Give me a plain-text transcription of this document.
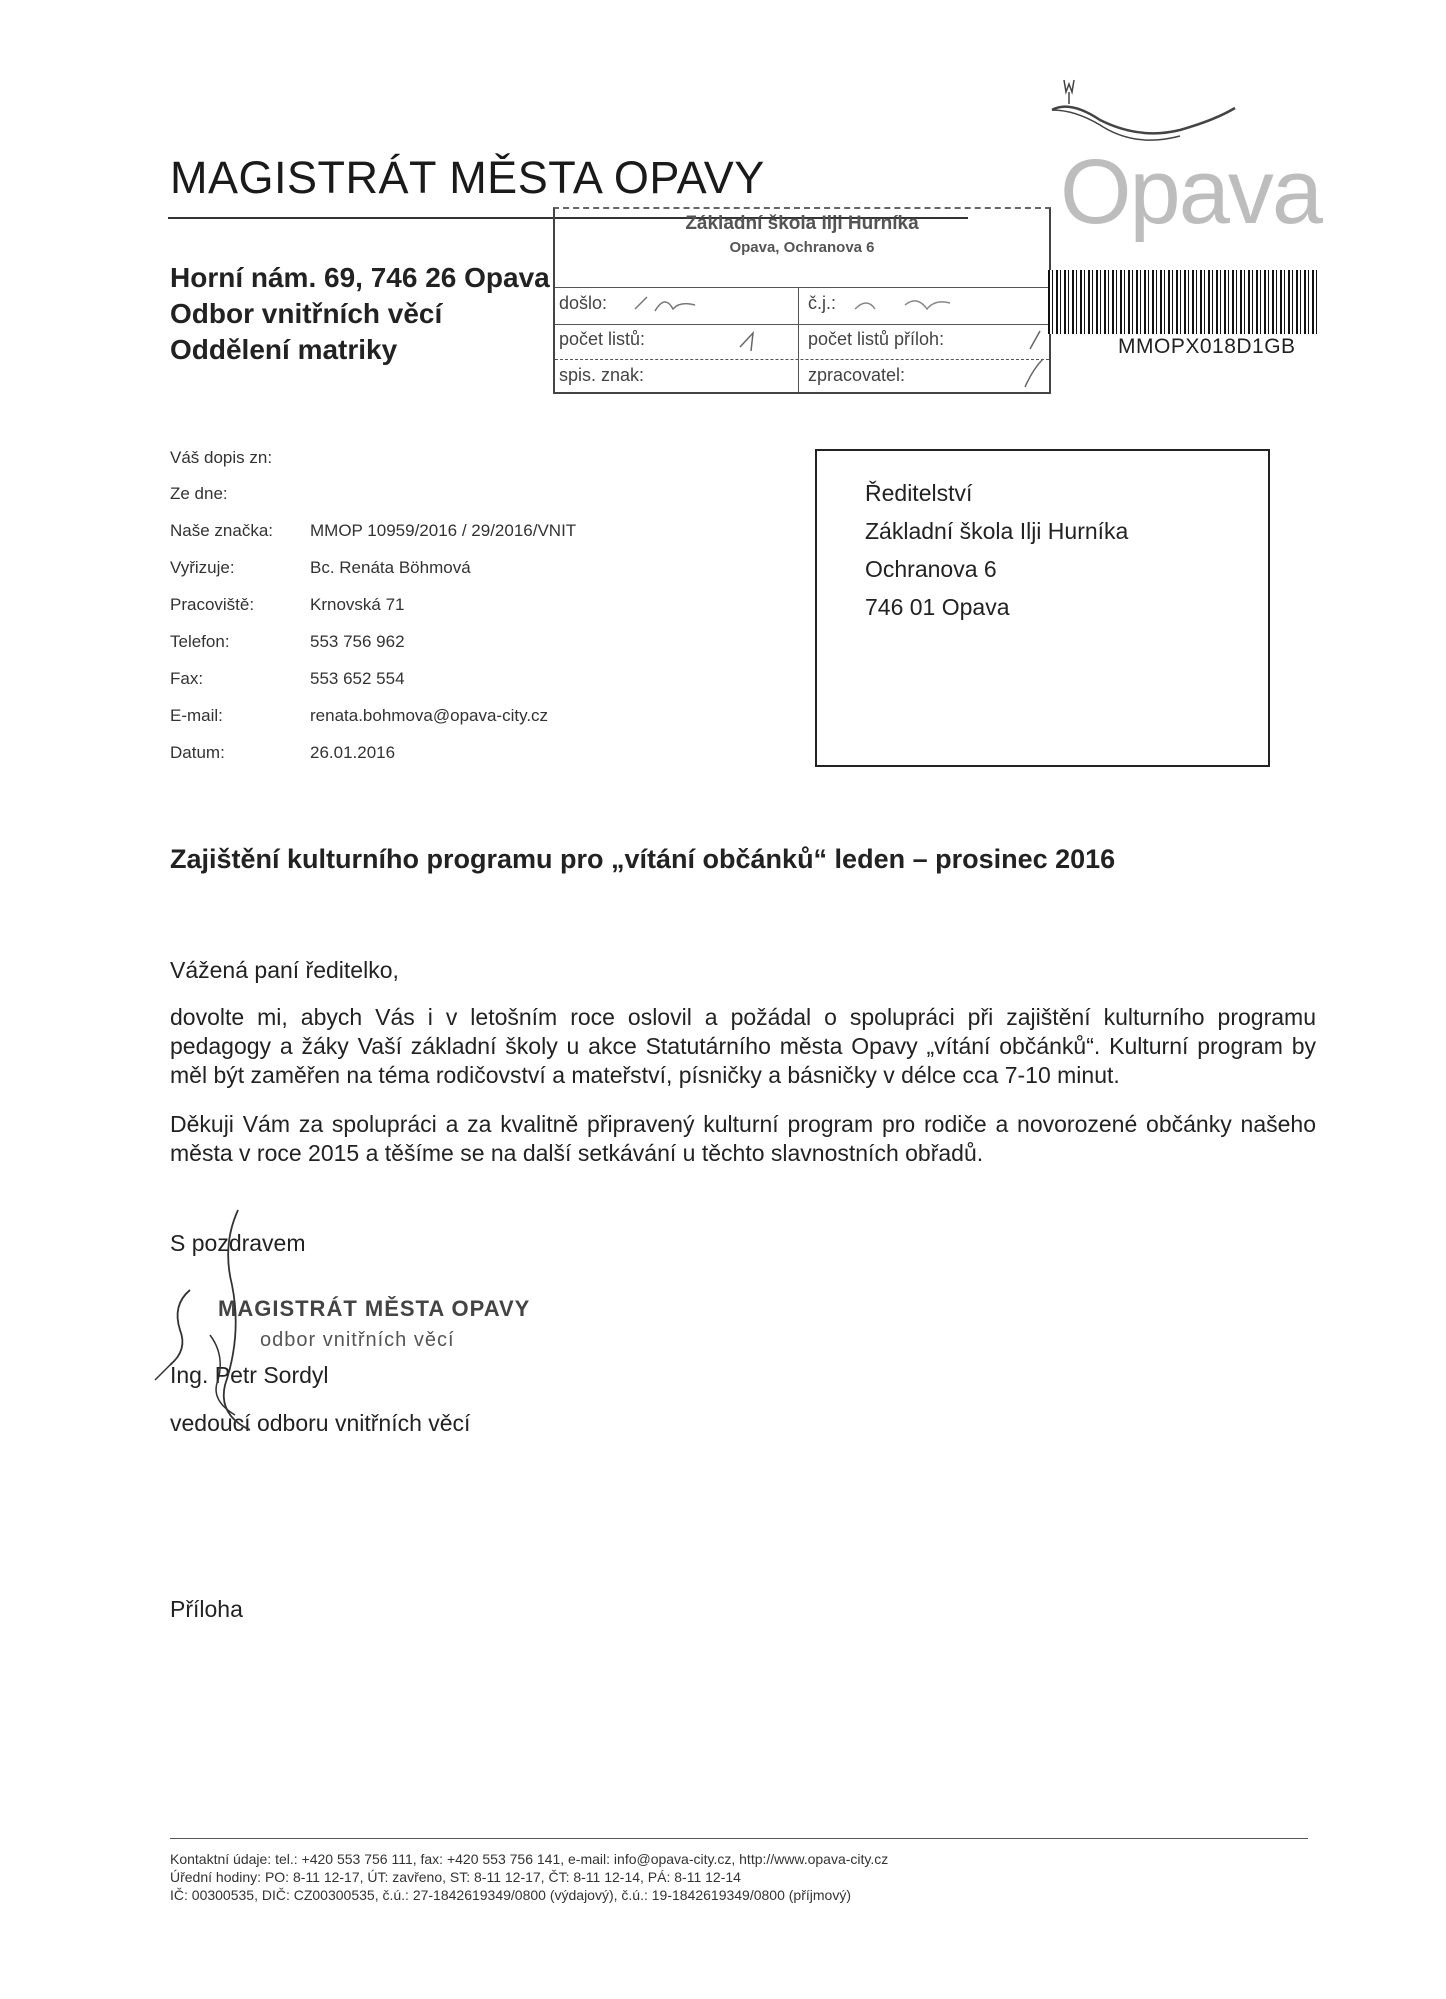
MAGISTRÁT MĚSTA OPAVY
Horní nám. 69, 746 26 Opava
Odbor vnitřních věcí
Oddělení matriky
Opava
Základní škola Ilji Hurníka
Opava, Ochranova 6
došlo:	č.j.:
počet listů:	počet listů příloh:
spis. znak:	zpracovatel:
MMOPX018D1GB
Váš dopis zn:
Ze dne:
Naše značka: MMOP 10959/2016 / 29/2016/VNIT
Vyřizuje:	Bc. Renáta Böhmová
Pracoviště:	Krnovská 71
Telefon:	553 756 962
Fax:	553 652 554
E-mail:	renata.bohmova@opava-city.cz
Datum:	26.01.2016
Ředitelství
Základní škola Ilji Hurníka
Ochranova 6
746 01 Opava
Zajištění kulturního programu pro „vítání občánků“ leden – prosinec 2016
Vážená paní ředitelko,
dovolte mi, abych Vás i v letošním roce oslovil a požádal o spolupráci při zajištění kulturního programu pedagogy a žáky Vaší základní školy u akce Statutárního města Opavy „vítání občánků“. Kulturní program by měl být zaměřen na téma rodičovství a mateřství, písničky a básničky v délce cca 7-10 minut.
Děkuji Vám za spolupráci a za kvalitně připravený kulturní program pro rodiče a novorozené občánky našeho města v roce 2015 a těšíme se na další setkávání u těchto slavnostních obřadů.
S pozdravem
MAGISTRÁT MĚSTA OPAVY
odbor vnitřních věcí
Ing. Petr Sordyl
vedoucí odboru vnitřních věcí
Příloha
Kontaktní údaje: tel.: +420 553 756 111, fax: +420 553 756 141, e-mail: info@opava-city.cz, http://www.opava-city.cz
Úřední hodiny: PO: 8-11 12-17, ÚT: zavřeno, ST: 8-11 12-17, ČT: 8-11 12-14, PÁ: 8-11 12-14
IČ: 00300535, DIČ: CZ00300535, č.ú.: 27-1842619349/0800 (výdajový), č.ú.: 19-1842619349/0800 (příjmový)
